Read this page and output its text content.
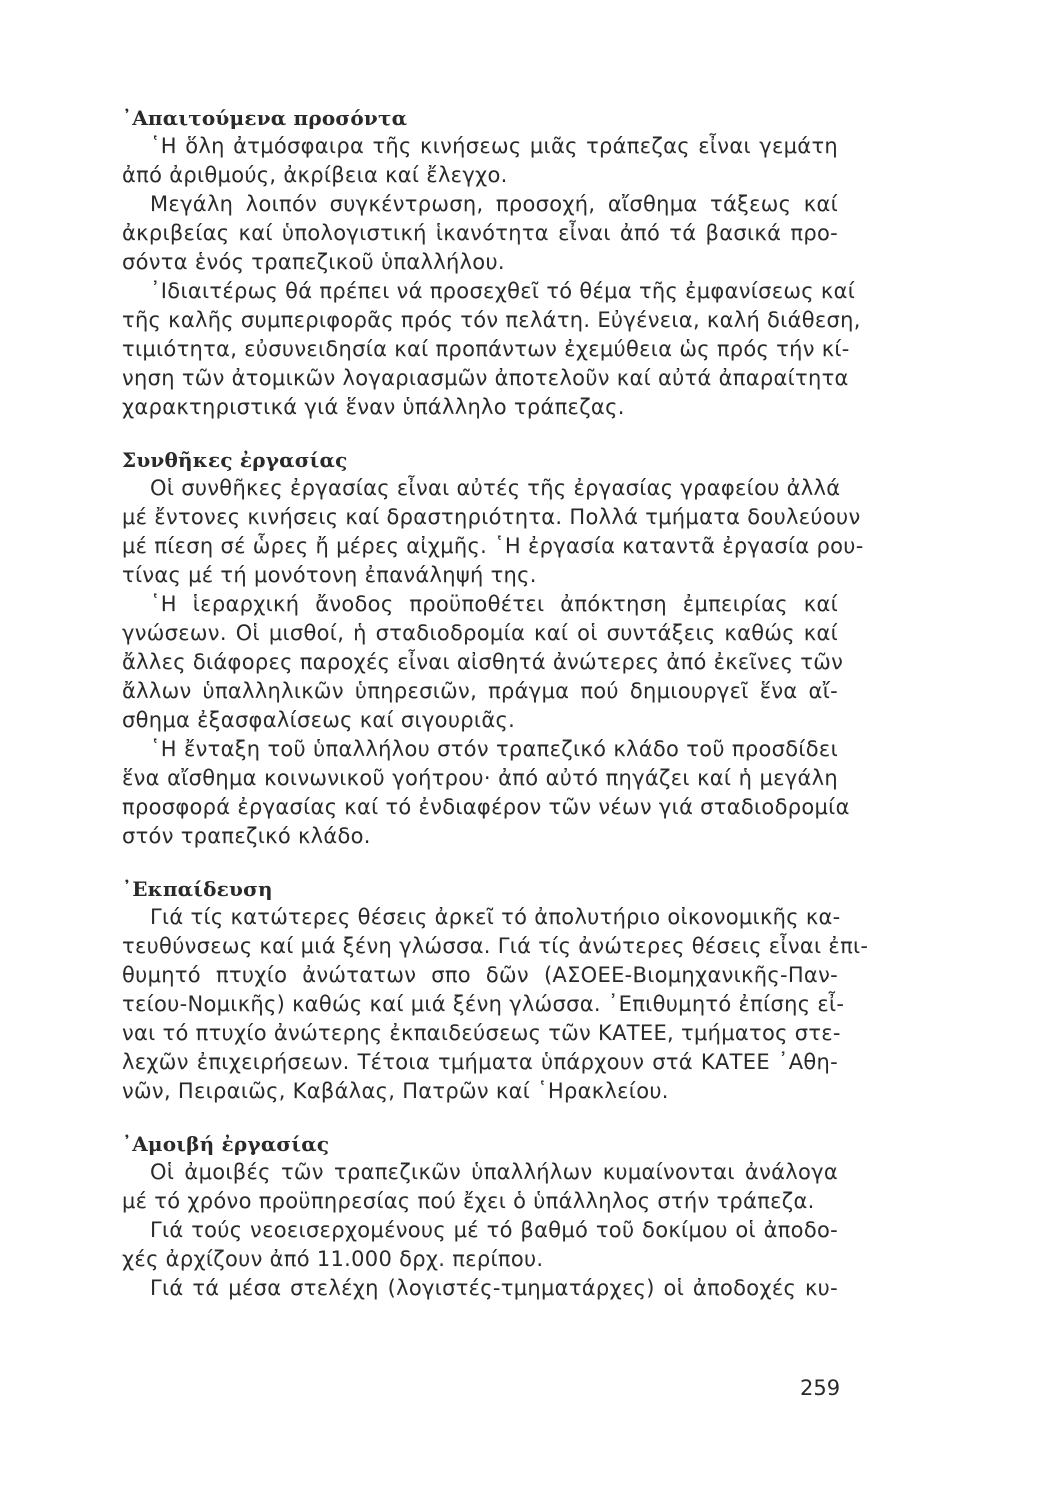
᾿Απαιτούμενα προσόντα
῾Η ὅλη ἀτμόσφαιρα τῆς κινήσεως μιᾶς τράπεζας εἶναι γεμάτη
ἀπό ἀριθμούς, ἀκρίβεια καί ἔλεγχο.
Μεγάλη λοιπόν συγκέντρωση, προσοχή, αἴσθημα τάξεως καί
ἀκριβείας καί ὑπολογιστική ἱκανότητα εἶναι ἀπό τά βασικά προ-
σόντα ἑνός τραπεζικοῦ ὑπαλλήλου.
᾿Ιδιαιτέρως θά πρέπει νά προσεχθεῖ τό θέμα τῆς ἐμφανίσεως καί
τῆς καλῆς συμπεριφορᾶς πρός τόν πελάτη. Εὐγένεια, καλή διάθεση,
τιμιότητα, εὐσυνειδησία καί προπάντων ἐχεμύθεια ὡς πρός τήν κί-
νηση τῶν ἀτομικῶν λογαριασμῶν ἀποτελοῦν καί αὐτά ἀπαραίτητα
χαρακτηριστικά γιά ἕναν ὑπάλληλο τράπεζας.
Συνθῆκες ἐργασίας
Οἱ συνθῆκες ἐργασίας εἶναι αὐτές τῆς ἐργασίας γραφείου ἀλλά
μέ ἔντονες κινήσεις καί δραστηριότητα. Πολλά τμήματα δουλεύουν
μέ πίεση σέ ὧρες ἤ μέρες αἰχμῆς. ῾Η ἐργασία καταντᾶ ἐργασία ρου-
τίνας μέ τή μονότονη ἐπανάληψή της.
῾Η ἱεραρχική ἄνοδος προϋποθέτει ἀπόκτηση ἐμπειρίας καί
γνώσεων. Οἱ μισθοί, ἡ σταδιοδρομία καί οἱ συντάξεις καθώς καί
ἄλλες διάφορες παροχές εἶναι αἰσθητά ἀνώτερες ἀπό ἐκεῖνες τῶν
ἄλλων ὑπαλληλικῶν ὑπηρεσιῶν, πράγμα πού δημιουργεῖ ἕνα αἴ-
σθημα ἐξασφαλίσεως καί σιγουριᾶς.
῾Η ἔνταξη τοῦ ὑπαλλήλου στόν τραπεζικό κλάδο τοῦ προσδίδει
ἕνα αἴσθημα κοινωνικοῦ γοήτρου· ἀπό αὐτό πηγάζει καί ἡ μεγάλη
προσφορά ἐργασίας καί τό ἐνδιαφέρον τῶν νέων γιά σταδιοδρομία
στόν τραπεζικό κλάδο.
᾿Εκπαίδευση
Γιά τίς κατώτερες θέσεις ἀρκεῖ τό ἀπολυτήριο οἰκονομικῆς κα-
τευθύνσεως καί μιά ξένη γλώσσα. Γιά τίς ἀνώτερες θέσεις εἶναι ἐπι-
θυμητό πτυχίο ἀνώτατων σπο δῶν (ΑΣΟΕΕ-Βιομηχανικῆς-Παν-
τείου-Νομικῆς) καθώς καί μιά ξένη γλώσσα. ᾿Επιθυμητό ἐπίσης εἶ-
ναι τό πτυχίο ἀνώτερης ἐκπαιδεύσεως τῶν ΚΑΤΕΕ, τμήματος στε-
λεχῶν ἐπιχειρήσεων. Τέτοια τμήματα ὑπάρχουν στά ΚΑΤΕΕ ᾿Αθη-
νῶν, Πειραιῶς, Καβάλας, Πατρῶν καί ῾Ηρακλείου.
᾿Αμοιβή ἐργασίας
Οἱ ἀμοιβές τῶν τραπεζικῶν ὑπαλλήλων κυμαίνονται ἀνάλογα
μέ τό χρόνο προϋπηρεσίας πού ἔχει ὁ ὑπάλληλος στήν τράπεζα.
Γιά τούς νεοεισερχομένους μέ τό βαθμό τοῦ δοκίμου οἱ ἀποδο-
χές ἀρχίζουν ἀπό 11.000 δρχ. περίπου.
Γιά τά μέσα στελέχη (λογιστές-τμηματάρχες) οἱ ἀποδοχές κυ-
259
